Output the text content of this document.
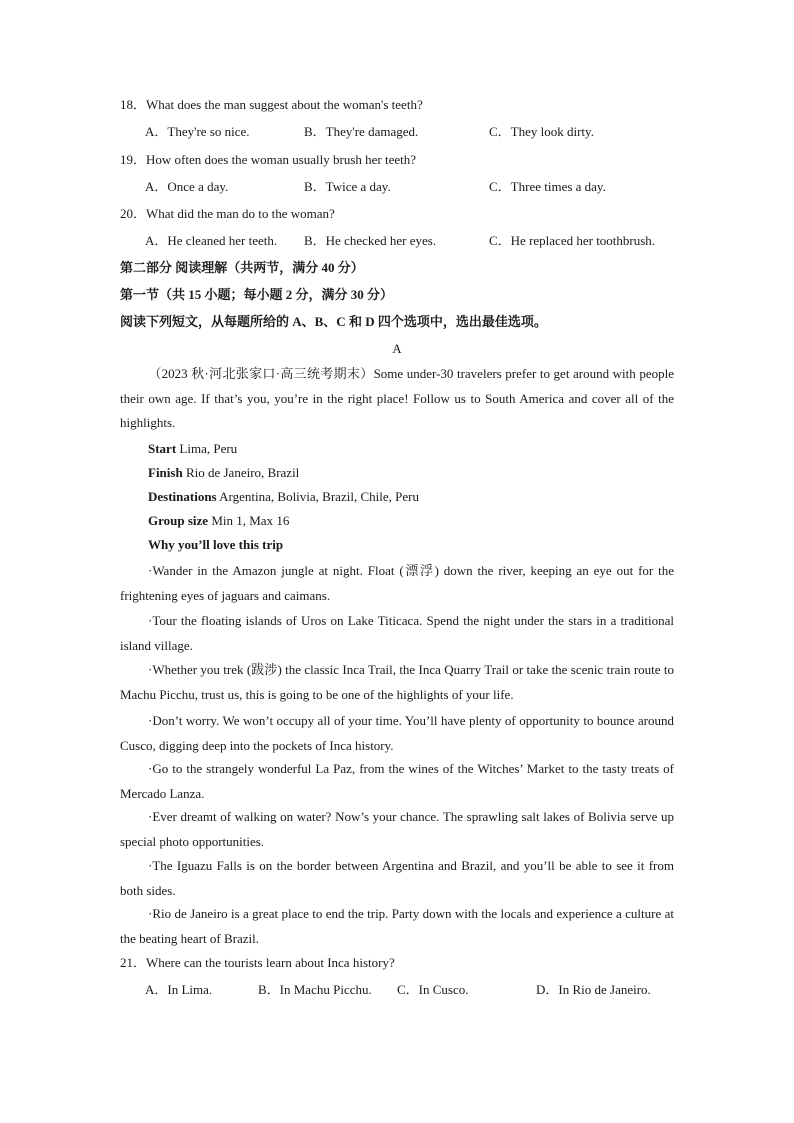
18．What does the man suggest about the woman's teeth?
A．They're so nice.	B．They're damaged.	C．They look dirty.
19．How often does the woman usually brush her teeth?
A．Once a day.	B．Twice a day.	C．Three times a day.
20．What did the man do to the woman?
A．He cleaned her teeth. B．He checked her eyes.	C．He replaced her toothbrush.
第二部分 阅读理解（共两节，满分 40 分）
第一节（共 15 小题；每小题 2 分，满分 30 分）
阅读下列短文，从每题所给的 A、B、C 和 D 四个选项中，选出最佳选项。
A
（2023 秋·河北张家口·高三统考期末）Some under-30 travelers prefer to get around with people their own age. If that’s you, you’re in the right place! Follow us to South America and cover all of the highlights.
Start Lima, Peru
Finish Rio de Janeiro, Brazil
Destinations Argentina, Bolivia, Brazil, Chile, Peru
Group size Min 1, Max 16
Why you’ll love this trip
·Wander in the Amazon jungle at night. Float (漂浮) down the river, keeping an eye out for the frightening eyes of jaguars and caimans.
·Tour the floating islands of Uros on Lake Titicaca. Spend the night under the stars in a traditional island village.
·Whether you trek (跋涉) the classic Inca Trail, the Inca Quarry Trail or take the scenic train route to Machu Picchu, trust us, this is going to be one of the highlights of your life.
·Don’t worry. We won’t occupy all of your time. You’ll have plenty of opportunity to bounce around Cusco, digging deep into the pockets of Inca history.
·Go to the strangely wonderful La Paz, from the wines of the Witches’ Market to the tasty treats of Mercado Lanza.
·Ever dreamt of walking on water? Now’s your chance. The sprawling salt lakes of Bolivia serve up special photo opportunities.
·The Iguazu Falls is on the border between Argentina and Brazil, and you’ll be able to see it from both sides.
·Rio de Janeiro is a great place to end the trip. Party down with the locals and experience a culture at the beating heart of Brazil.
21．Where can the tourists learn about Inca history?
A．In Lima.	B．In Machu Picchu. C．In Cusco.	D．In Rio de Janeiro.
